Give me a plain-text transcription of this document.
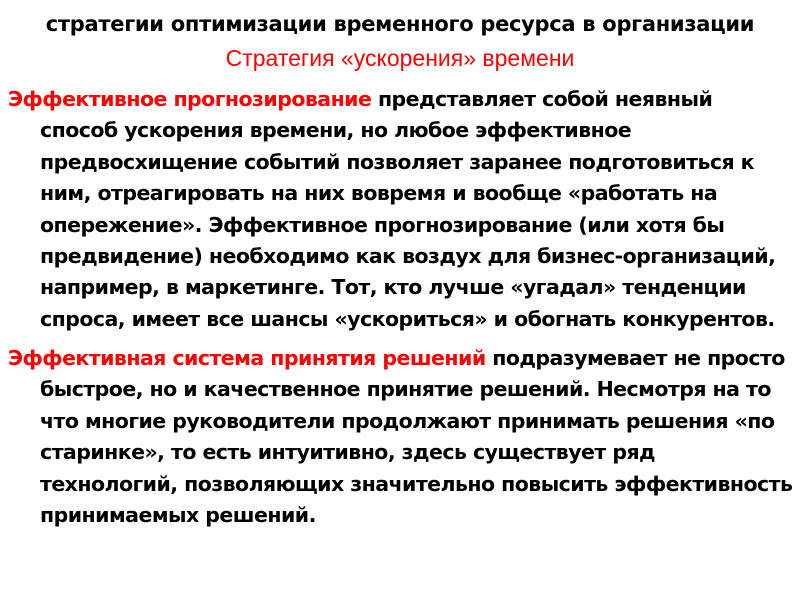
стратегии оптимизации временного ресурса в организации
Стратегия «ускорения» времени
Эффективное прогнозирование представляет собой неявный способ ускорения времени, но любое эффективное предвосхищение событий позволяет заранее подготовиться к ним, отреагировать на них вовремя и вообще «работать на опережение». Эффективное прогнозирование (или хотя бы предвидение) необходимо как воздух для бизнес-организаций, например, в маркетинге. Тот, кто лучше «угадал» тенденции спроса, имеет все шансы «ускориться» и обогнать конкурентов.
Эффективная система принятия решений подразумевает не просто быстрое, но и качественное принятие решений. Несмотря на то что многие руководители продолжают принимать решения «по старинке», то есть интуитивно, здесь существует ряд технологий, позволяющих значительно повысить эффективность принимаемых решений.
